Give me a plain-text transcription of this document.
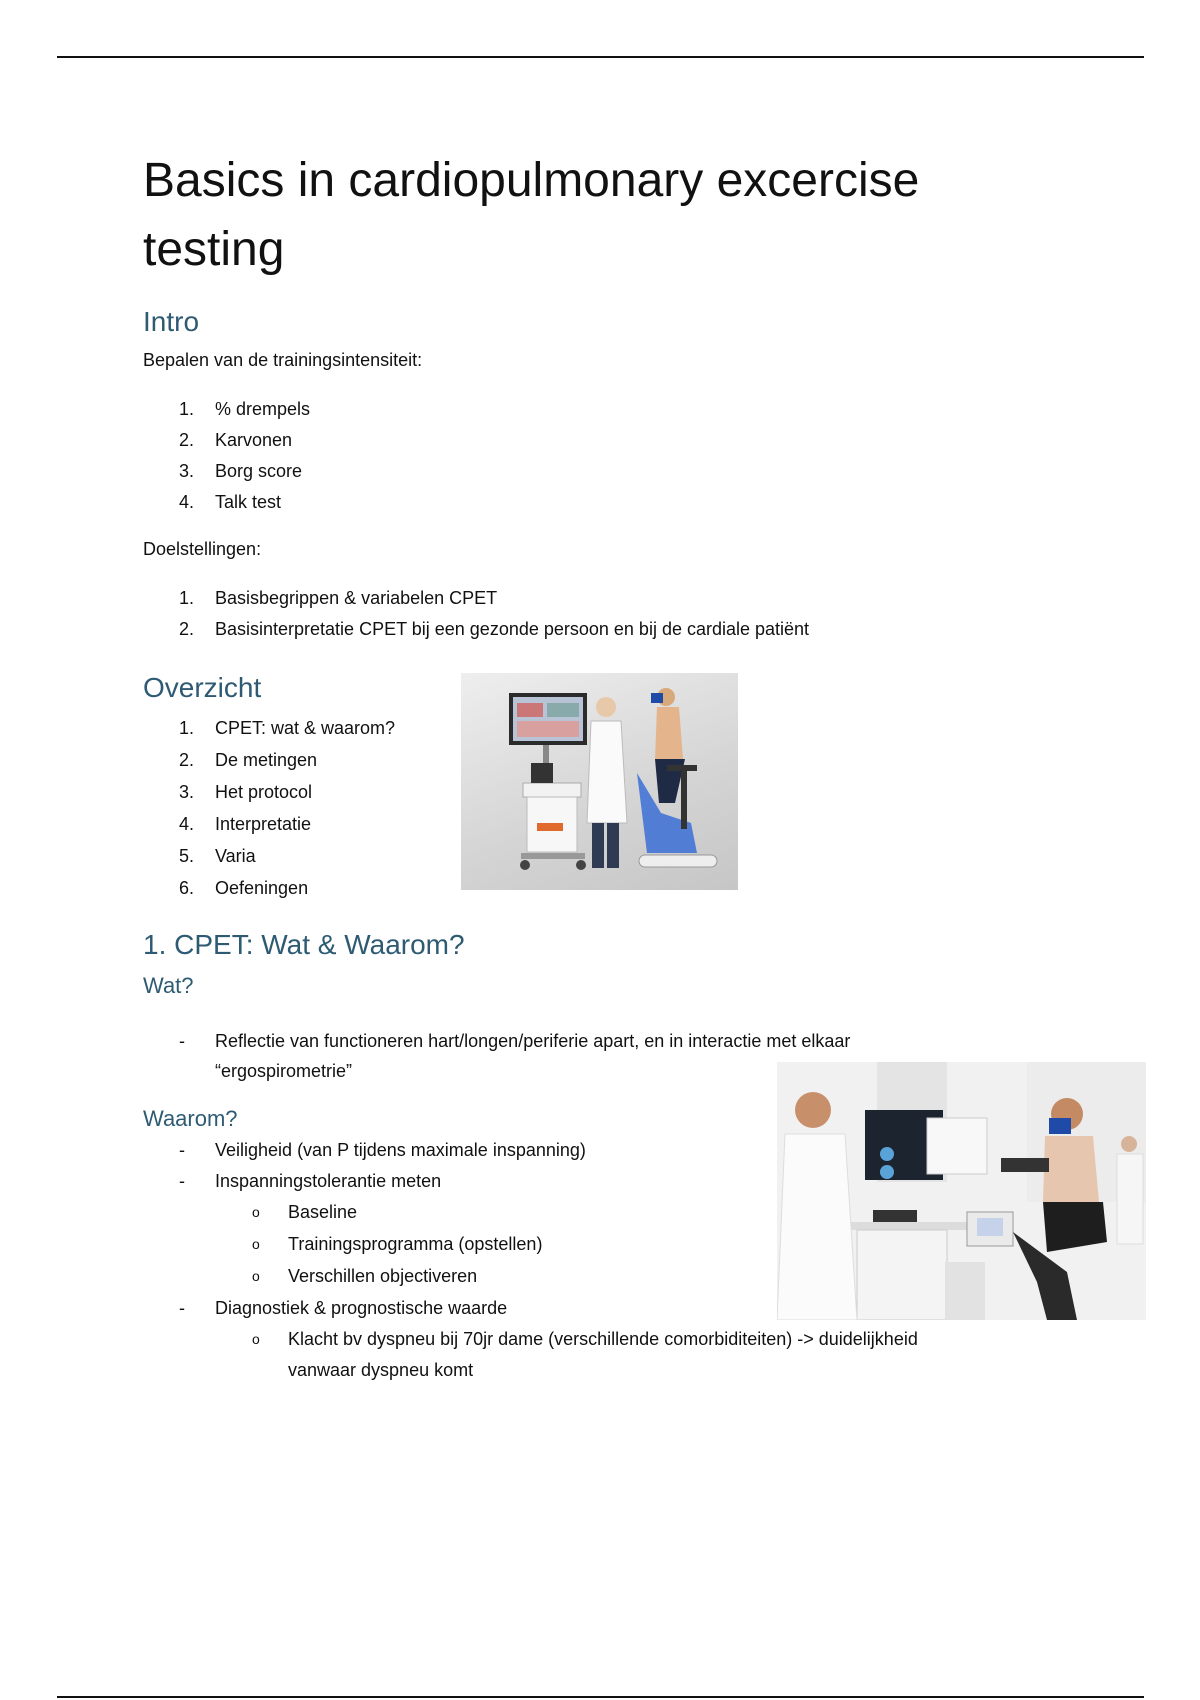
Basics in cardiopulmonary excercise
testing
Intro
Bepalen van de trainingsintensiteit:
1.	% drempels
2.	Karvonen
3.	Borg score
4.	Talk test
Doelstellingen:
1.	Basisbegrippen & variabelen CPET
2.	Basisinterpretatie CPET bij een gezonde persoon en bij de cardiale patiënt
Overzicht
1.	CPET: wat & waarom?
2.	De metingen
3.	Het protocol
4.	Interpretatie
5.	Varia
6.	Oefeningen
1. CPET: Wat & Waarom?
Wat?
- Reflectie van functioneren hart/longen/periferie apart, en in interactie met elkaar
“ergospirometrie”
Waarom?
- Veiligheid (van P tijdens maximale inspanning)
- Inspanningstolerantie meten
o Baseline
o Trainingsprogramma (opstellen)
o Verschillen objectiveren
- Diagnostiek & prognostische waarde
o Klacht bv dyspneu bij 70jr dame (verschillende comorbiditeiten) -> duidelijkheid
vanwaar dyspneu komt
